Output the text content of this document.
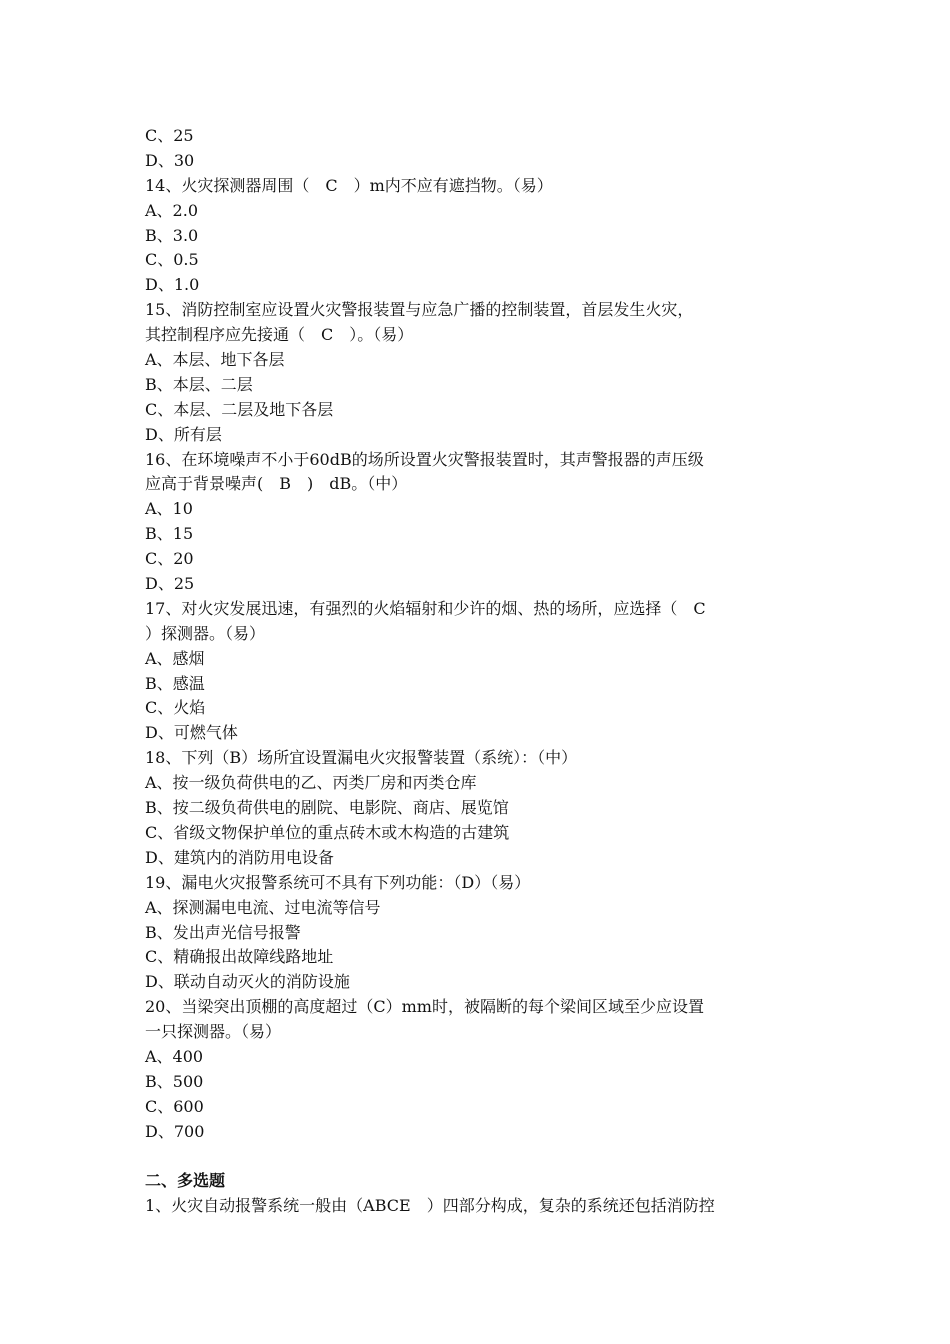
C、25
D、30
14、火灾探测器周围（　C　）m内不应有遮挡物。（易）
A、2.0
B、3.0
C、0.5
D、1.0
15、消防控制室应设置火灾警报装置与应急广播的控制装置，首层发生火灾，
其控制程序应先接通（　C　）。（易）
A、本层、地下各层
B、本层、二层
C、本层、二层及地下各层
D、所有层
16、在环境噪声不小于60dB的场所设置火灾警报装置时，其声警报器的声压级
应高于背景噪声(　B　)　dB。（中）
A、10
B、15
C、20
D、25
17、对火灾发展迅速，有强烈的火焰辐射和少许的烟、热的场所，应选择（　C
）探测器。（易）
A、感烟
B、感温
C、火焰
D、可燃气体
18、下列（B）场所宜设置漏电火灾报警装置（系统）：（中）
A、按一级负荷供电的乙、丙类厂房和丙类仓库
B、按二级负荷供电的剧院、电影院、商店、展览馆
C、省级文物保护单位的重点砖木或木构造的古建筑
D、建筑内的消防用电设备
19、漏电火灾报警系统可不具有下列功能：（D）（易）
A、探测漏电电流、过电流等信号
B、发出声光信号报警
C、精确报出故障线路地址
D、联动自动灭火的消防设施
20、当梁突出顶棚的高度超过（C）mm时，被隔断的每个梁间区域至少应设置
一只探测器。（易）
A、400
B、500
C、600
D、700
二、多选题
1、火灾自动报警系统一般由（ABCE　）四部分构成，复杂的系统还包括消防控
